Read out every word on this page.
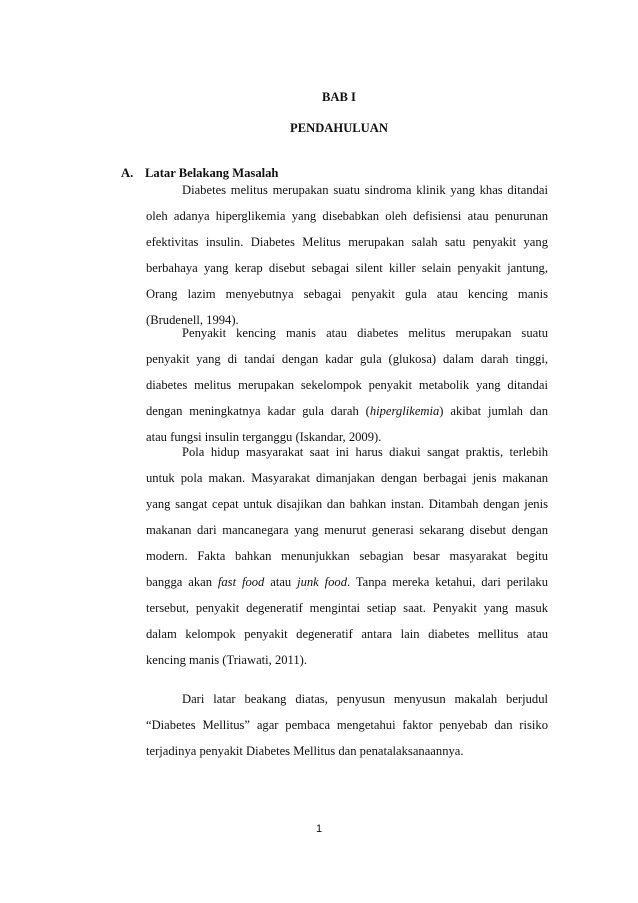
BAB I
PENDAHULUAN
A. Latar Belakang Masalah
Diabetes melitus merupakan suatu sindroma klinik yang khas ditandai
oleh adanya hiperglikemia yang disebabkan oleh defisiensi atau penurunan
efektivitas insulin. Diabetes Melitus merupakan salah satu penyakit yang
berbahaya yang kerap disebut sebagai silent killer selain penyakit jantung,
Orang lazim menyebutnya sebagai penyakit gula atau kencing manis
(Brudenell, 1994).
Penyakit kencing manis atau diabetes melitus merupakan suatu
penyakit yang di tandai dengan kadar gula (glukosa) dalam darah tinggi,
diabetes melitus merupakan sekelompok penyakit metabolik yang ditandai
dengan meningkatnya kadar gula darah (hiperglikemia) akibat jumlah dan
atau fungsi insulin terganggu (Iskandar, 2009).
Pola hidup masyarakat saat ini harus diakui sangat praktis, terlebih
untuk pola makan. Masyarakat dimanjakan dengan berbagai jenis makanan
yang sangat cepat untuk disajikan dan bahkan instan. Ditambah dengan jenis
makanan dari mancanegara yang menurut generasi sekarang disebut dengan
modern. Fakta bahkan menunjukkan sebagian besar masyarakat begitu
bangga akan fast food atau junk food. Tanpa mereka ketahui, dari perilaku
tersebut, penyakit degeneratif mengintai setiap saat. Penyakit yang masuk
dalam kelompok penyakit degeneratif antara lain diabetes mellitus atau
kencing manis (Triawati, 2011).
Dari latar beakang diatas, penyusun menyusun makalah berjudul
“Diabetes Mellitus” agar pembaca mengetahui faktor penyebab dan risiko
terjadinya penyakit Diabetes Mellitus dan penatalaksanaannya.
1
